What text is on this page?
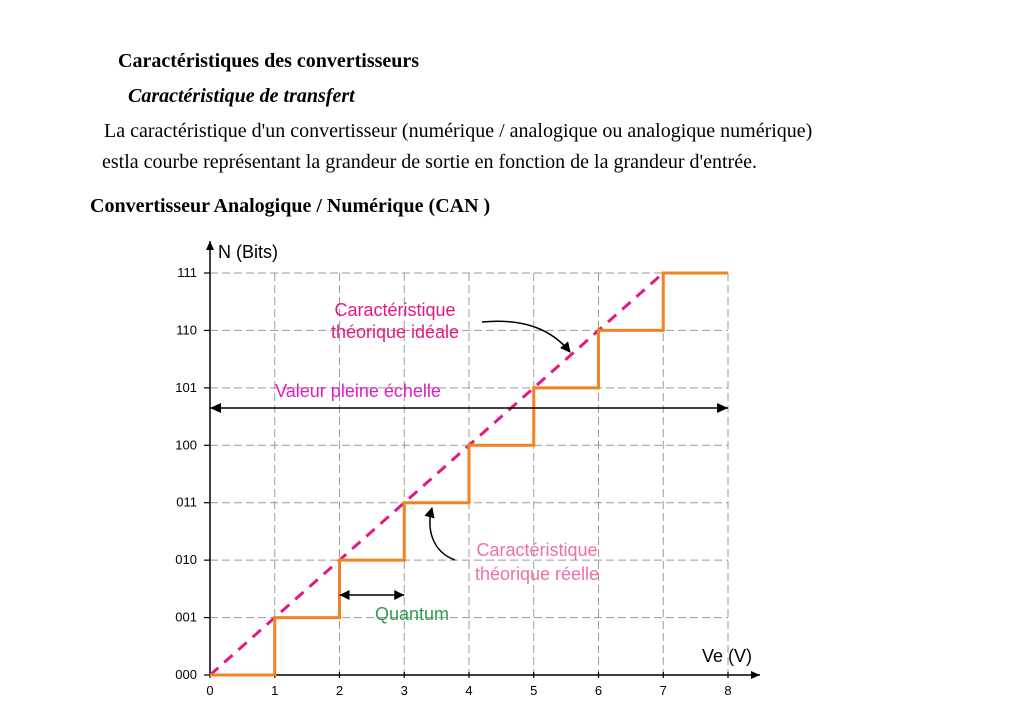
Caractéristiques des convertisseurs
Caractéristique de transfert
La caractéristique d'un convertisseur (numérique / analogique ou analogique numérique)
estla courbe représentant la grandeur de sortie en fonction de la grandeur d'entrée.
Convertisseur Analogique / Numérique (CAN )
0	1	2	3	4	5	6	7	8
000
001
010
011
100
101
110
111
N (Bits)
Ve (V)
Valeur pleine échelle
Quantum
Caractéristique
théorique idéale
Caractéristique
théorique réelle
